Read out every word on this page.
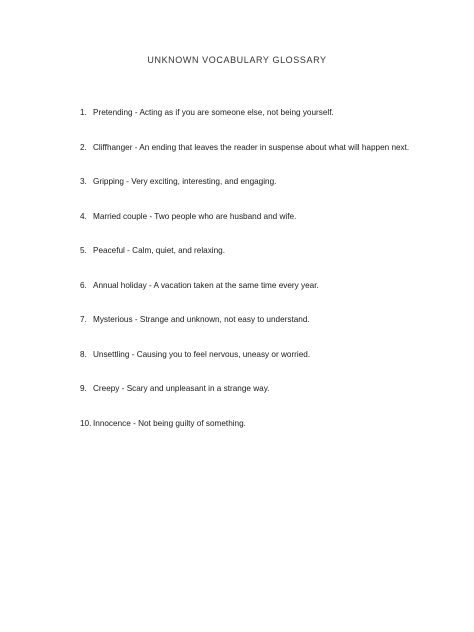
UNKNOWN VOCABULARY GLOSSARY
1. Pretending - Acting as if you are someone else, not being yourself.
2. Cliffhanger - An ending that leaves the reader in suspense about what will happen next.
3. Gripping - Very exciting, interesting, and engaging.
4. Married couple - Two people who are husband and wife.
5. Peaceful - Calm, quiet, and relaxing.
6. Annual holiday - A vacation taken at the same time every year.
7. Mysterious - Strange and unknown, not easy to understand.
8. Unsettling - Causing you to feel nervous, uneasy or worried.
9. Creepy - Scary and unpleasant in a strange way.
10. Innocence - Not being guilty of something.
